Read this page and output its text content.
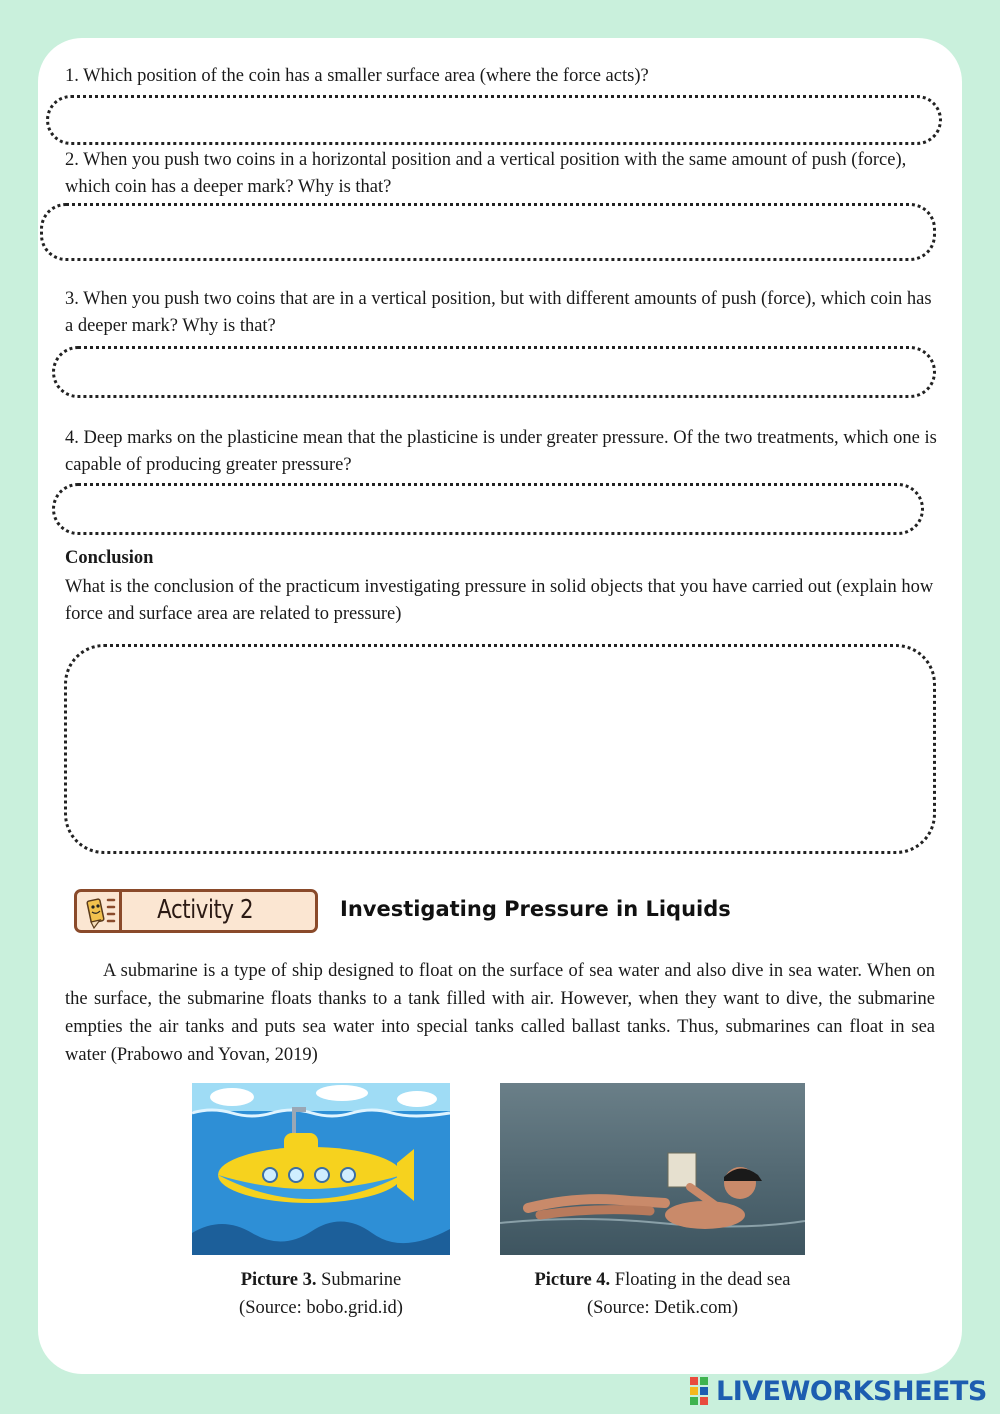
1. Which position of the coin has a smaller surface area (where the force acts)?
2. When you push two coins in a horizontal position and a vertical position with the same amount of push (force), which coin has a deeper mark? Why is that?
3. When you push two coins that are in a vertical position, but with different amounts of push (force), which coin has a deeper mark? Why is that?
4. Deep marks on the plasticine mean that the plasticine is under greater pressure. Of the two treatments, which one is capable of producing greater pressure?
Conclusion
What is the conclusion of the practicum investigating pressure in solid objects that you have carried out (explain how force and surface area are related to pressure)
Activity 2	Investigating Pressure in Liquids
A submarine is a type of ship designed to float on the surface of sea water and also dive in sea water. When on the surface, the submarine floats thanks to a tank filled with air. However, when they want to dive, the submarine empties the air tanks and puts sea water into special tanks called ballast tanks. Thus, submarines can float in sea water (Prabowo and Yovan, 2019)
Picture 3. Submarine
(Source: bobo.grid.id)
Picture 4. Floating in the dead sea
(Source: Detik.com)
LIVEWORKSHEETS
